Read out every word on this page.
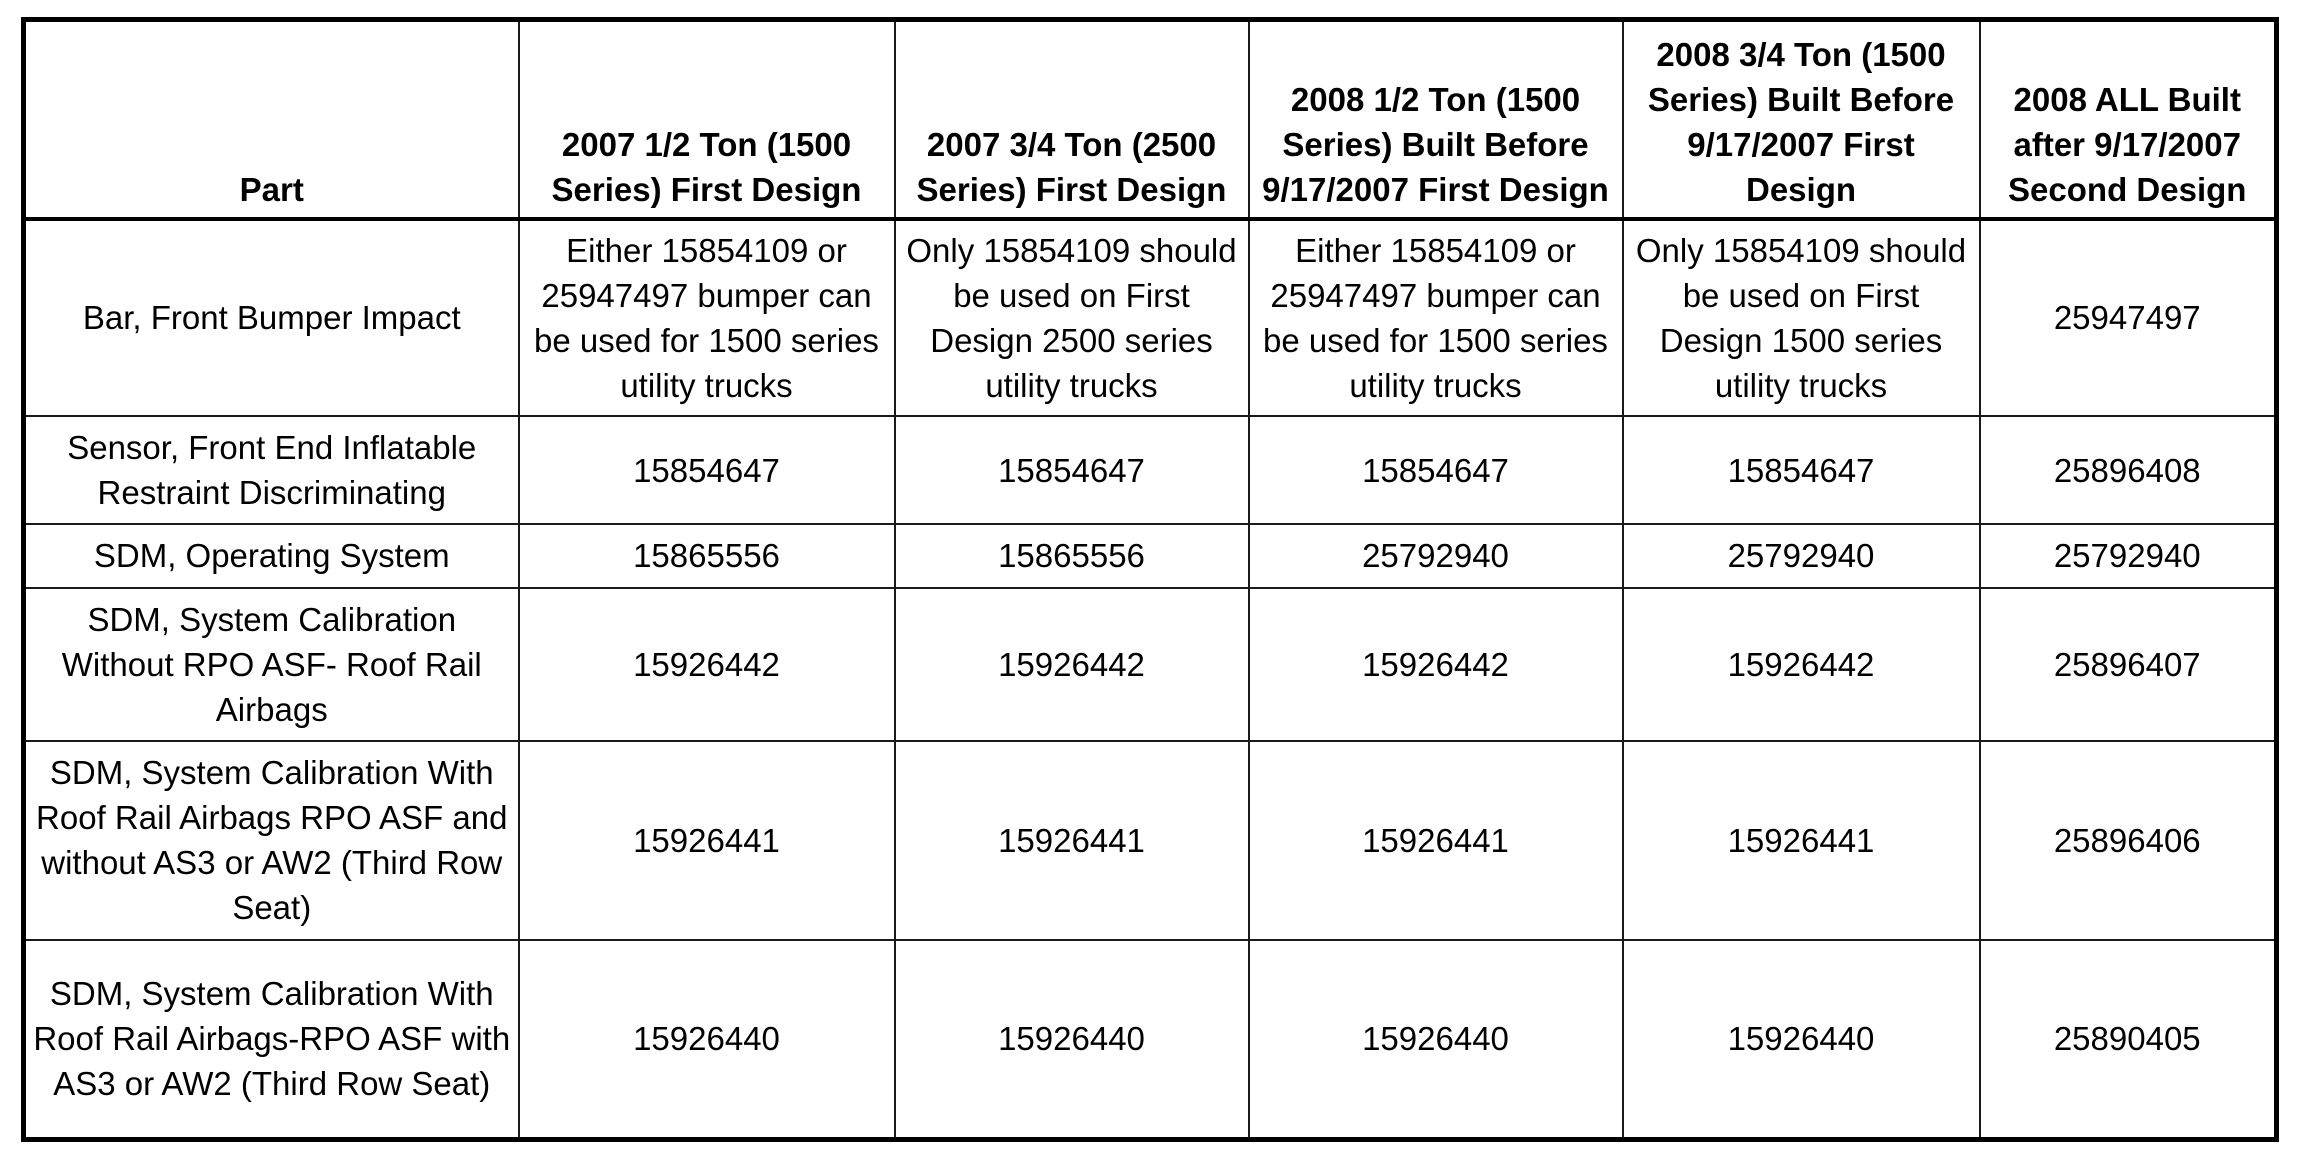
Part	2007 1/2 Ton (1500 Series) First Design	2007 3/4 Ton (2500 Series) First Design	2008 1/2 Ton (1500 Series) Built Before 9/17/2007 First Design	2008 3/4 Ton (1500 Series) Built Before 9/17/2007 First Design	2008 ALL Built after 9/17/2007 Second Design
Bar, Front Bumper Impact	Either 15854109 or 25947497 bumper can be used for 1500 series utility trucks	Only 15854109 should be used on First Design 2500 series utility trucks	Either 15854109 or 25947497 bumper can be used for 1500 series utility trucks	Only 15854109 should be used on First Design 1500 series utility trucks	25947497
Sensor, Front End Inflatable Restraint Discriminating	15854647	15854647	15854647	15854647	25896408
SDM, Operating System	15865556	15865556	25792940	25792940	25792940
SDM, System Calibration Without RPO ASF- Roof Rail Airbags	15926442	15926442	15926442	15926442	25896407
SDM, System Calibration With Roof Rail Airbags RPO ASF and without AS3 or AW2 (Third Row Seat)	15926441	15926441	15926441	15926441	25896406
SDM, System Calibration With Roof Rail Airbags-RPO ASF with AS3 or AW2 (Third Row Seat)	15926440	15926440	15926440	15926440	25890405
